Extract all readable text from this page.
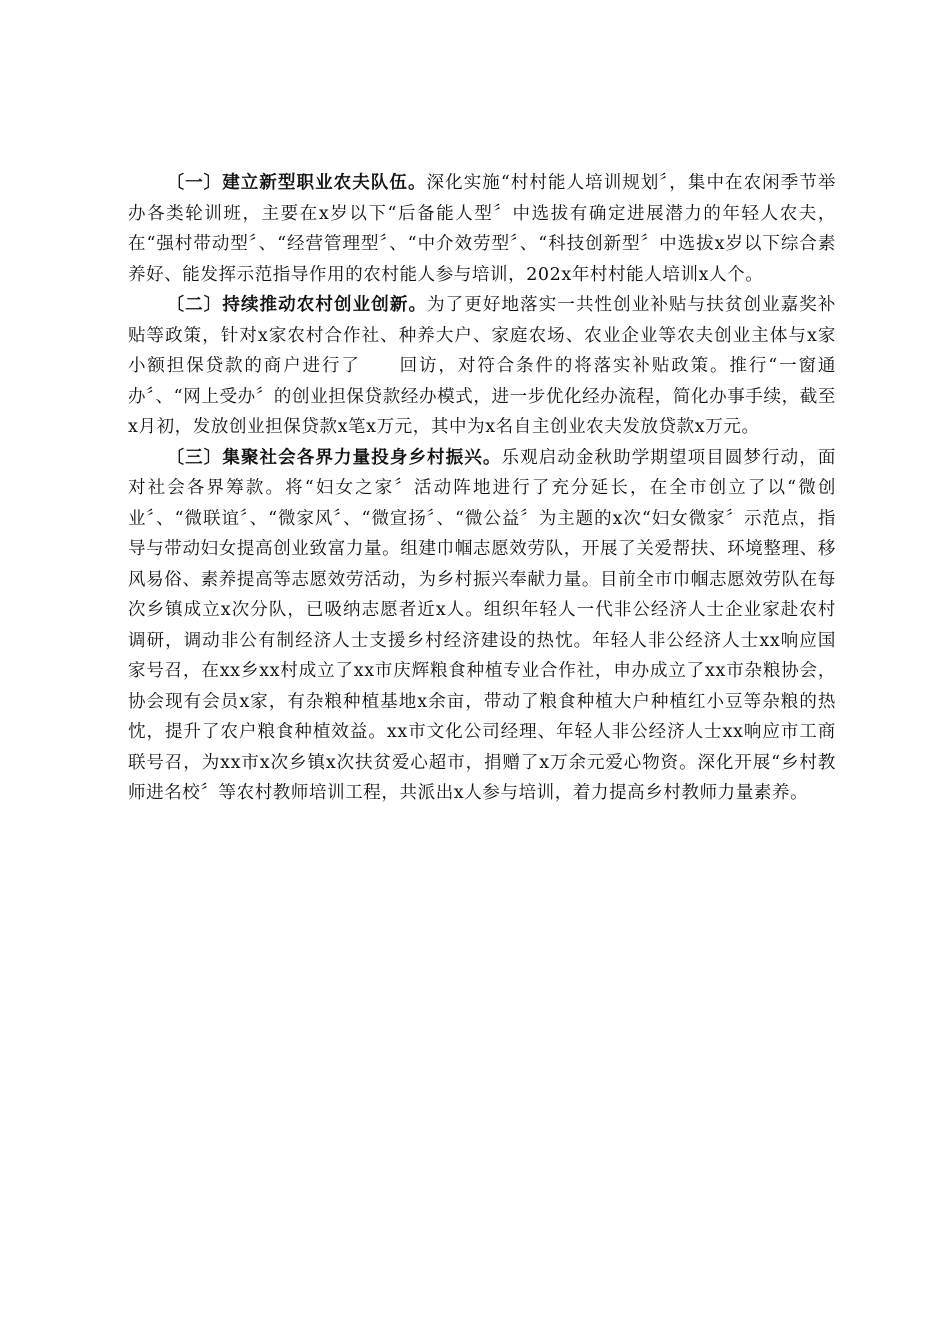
〔一〕建立新型职业农夫队伍。深化实施“村村能人培训规划〞，集中在农闲季节举办各类轮训班，主要在x岁以下“后备能人型〞中选拔有确定进展潜力的年轻人农夫，在“强村带动型〞、“经营管理型〞、“中介效劳型〞、“科技创新型〞中选拔x岁以下综合素养好、能发挥示范指导作用的农村能人参与培训，202x年村村能人培训x人个。

〔二〕持续推动农村创业创新。为了更好地落实一共性创业补贴与扶贫创业嘉奖补贴等政策，针对x家农村合作社、种养大户、家庭农场、农业企业等农夫创业主体与x家小额担保贷款的商户进行了　　回访，对符合条件的将落实补贴政策。推行“一窗通办〞、“网上受办〞的创业担保贷款经办模式，进一步优化经办流程，简化办事手续，截至x月初，发放创业担保贷款x笔x万元，其中为x名自主创业农夫发放贷款x万元。

〔三〕集聚社会各界力量投身乡村振兴。乐观启动金秋助学期望项目圆梦行动，面对社会各界筹款。将“妇女之家〞活动阵地进行了充分延长，在全市创立了以“微创业〞、“微联谊〞、“微家风〞、“微宣扬〞、“微公益〞为主题的x次“妇女微家〞示范点，指导与带动妇女提高创业致富力量。组建巾帼志愿效劳队，开展了关爱帮扶、环境整理、移风易俗、素养提高等志愿效劳活动，为乡村振兴奉献力量。目前全市巾帼志愿效劳队在每次乡镇成立x次分队，已吸纳志愿者近x人。组织年轻人一代非公经济人士企业家赴农村调研，调动非公有制经济人士支援乡村经济建设的热忱。年轻人非公经济人士xx响应国家号召，在xx乡xx村成立了xx市庆辉粮食种植专业合作社，申办成立了xx市杂粮协会，协会现有会员x家，有杂粮种植基地x余亩，带动了粮食种植大户种植红小豆等杂粮的热忱，提升了农户粮食种植效益。xx市文化公司经理、年轻人非公经济人士xx响应市工商联号召，为xx市x次乡镇x次扶贫爱心超市，捐赠了x万余元爱心物资。深化开展“乡村教师进名校〞等农村教师培训工程，共派出x人参与培训，着力提高乡村教师力量素养。
